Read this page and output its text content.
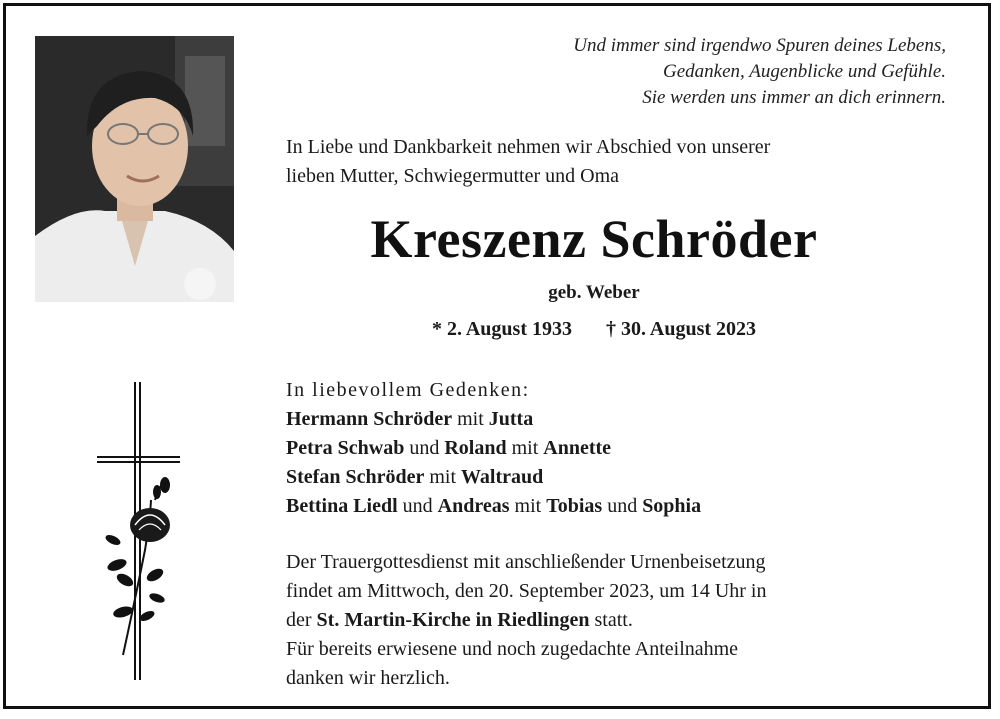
Und immer sind irgendwo Spuren deines Lebens,
Gedanken, Augenblicke und Gefühle.
Sie werden uns immer an dich erinnern.
In Liebe und Dankbarkeit nehmen wir Abschied von unserer
lieben Mutter, Schwiegermutter und Oma
Kreszenz Schröder
geb. Weber
* 2. August 1933 † 30. August 2023
In liebevollem Gedenken:
Hermann Schröder mit Jutta
Petra Schwab und Roland mit Annette
Stefan Schröder mit Waltraud
Bettina Liedl und Andreas mit Tobias und Sophia
Der Trauergottesdienst mit anschließender Urnenbeisetzung
findet am Mittwoch, den 20. September 2023, um 14 Uhr in
der St. Martin-Kirche in Riedlingen statt.
Für bereits erwiesene und noch zugedachte Anteilnahme
danken wir herzlich.
